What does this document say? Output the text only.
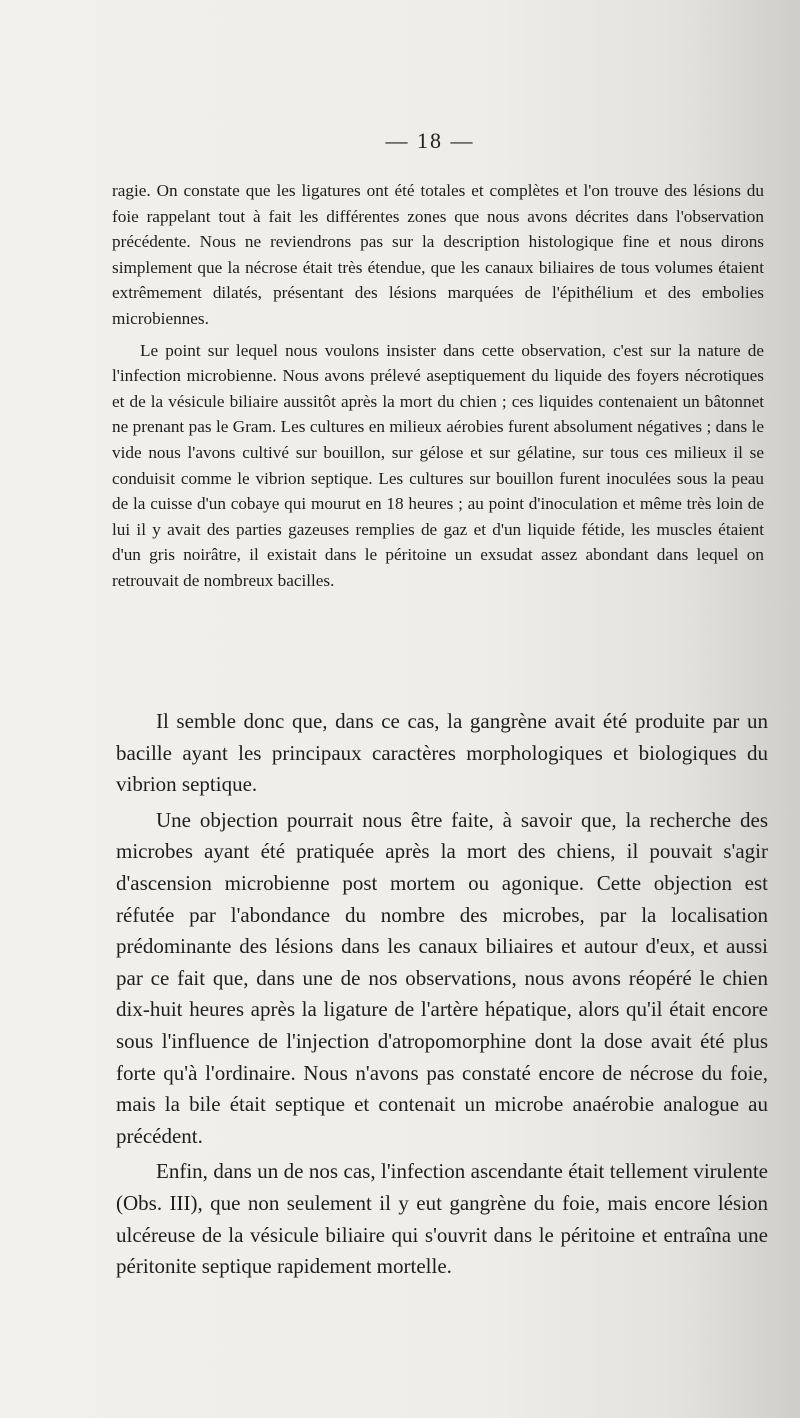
— 18 —

ragie. On constate que les ligatures ont été totales et complètes et l'on trouve des lésions du foie rappelant tout à fait les différentes zones que nous avons décrites dans l'observation précédente. Nous ne reviendrons pas sur la description histologique fine et nous dirons simplement que la nécrose était très étendue, que les canaux biliaires de tous volumes étaient extrêmement dilatés, présentant des lésions marquées de l'épithélium et des embolies microbiennes.

Le point sur lequel nous voulons insister dans cette observation, c'est sur la nature de l'infection microbienne. Nous avons prélevé aseptiquement du liquide des foyers nécrotiques et de la vésicule biliaire aussitôt après la mort du chien ; ces liquides contenaient un bâtonnet ne prenant pas le Gram. Les cultures en milieux aérobies furent absolument négatives ; dans le vide nous l'avons cultivé sur bouillon, sur gélose et sur gélatine, sur tous ces milieux il se conduisit comme le vibrion septique. Les cultures sur bouillon furent inoculées sous la peau de la cuisse d'un cobaye qui mourut en 18 heures ; au point d'inoculation et même très loin de lui il y avait des parties gazeuses remplies de gaz et d'un liquide fétide, les muscles étaient d'un gris noirâtre, il existait dans le péritoine un exsudat assez abondant dans lequel on retrouvait de nombreux bacilles.

Il semble donc que, dans ce cas, la gangrène avait été produite par un bacille ayant les principaux caractères morphologiques et biologiques du vibrion septique.

Une objection pourrait nous être faite, à savoir que, la recherche des microbes ayant été pratiquée après la mort des chiens, il pouvait s'agir d'ascension microbienne post mortem ou agonique. Cette objection est réfutée par l'abondance du nombre des microbes, par la localisation prédominante des lésions dans les canaux biliaires et autour d'eux, et aussi par ce fait que, dans une de nos observations, nous avons réopéré le chien dix-huit heures après la ligature de l'artère hépatique, alors qu'il était encore sous l'influence de l'injection d'atropomorphine dont la dose avait été plus forte qu'à l'ordinaire. Nous n'avons pas constaté encore de nécrose du foie, mais la bile était septique et contenait un microbe anaérobie analogue au précédent.

Enfin, dans un de nos cas, l'infection ascendante était tellement virulente (Obs. III), que non seulement il y eut gangrène du foie, mais encore lésion ulcéreuse de la vésicule biliaire qui s'ouvrit dans le péritoine et entraîna une péritonite septique rapidement mortelle.
